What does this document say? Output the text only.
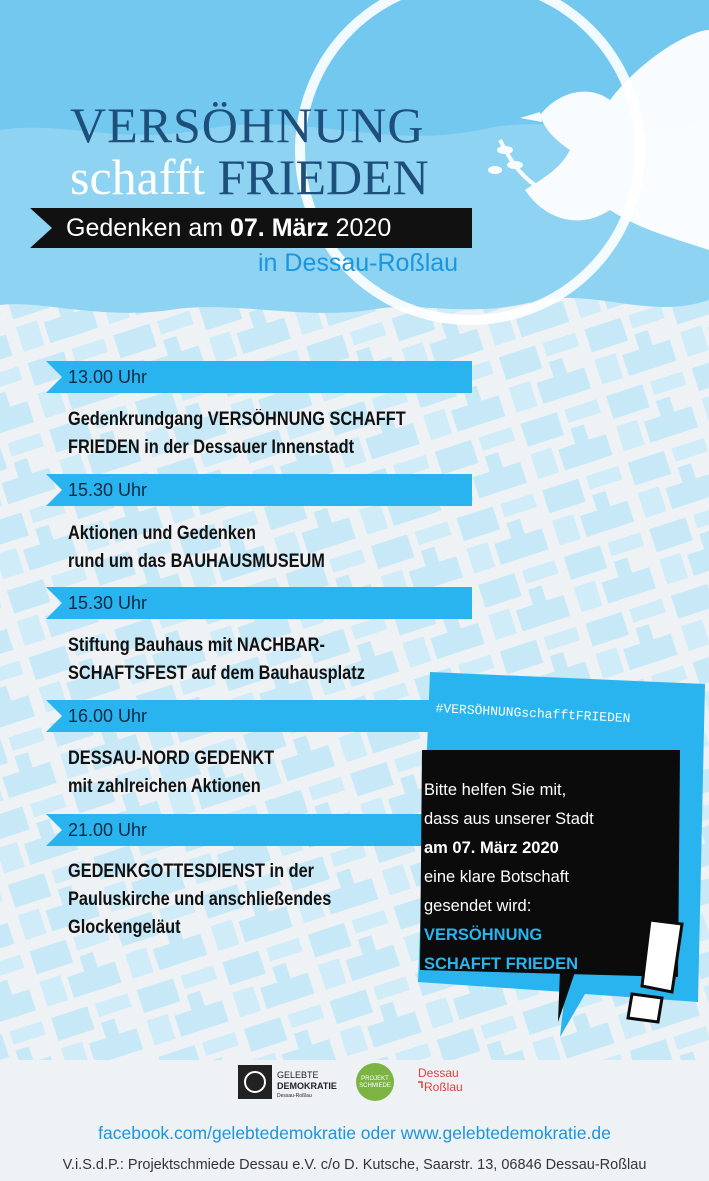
VERSÖHNUNG
schafft FRIEDEN
Gedenken am 07. März 2020
in Dessau-Roßlau
13.00 Uhr
Gedenkrundgang VERSÖHNUNG SCHAFFT
FRIEDEN in der Dessauer Innenstadt
15.30 Uhr
Aktionen und Gedenken
rund um das BAUHAUSMUSEUM
15.30 Uhr
Stiftung Bauhaus mit NACHBAR-
SCHAFTSFEST auf dem Bauhausplatz
16.00 Uhr
DESSAU-NORD GEDENKT
mit zahlreichen Aktionen
21.00 Uhr
GEDENKGOTTESDIENST in der
Pauluskirche und anschließendes
Glockengeläut
#VERSÖHNUNGschafftFRIEDEN
Bitte helfen Sie mit,
dass aus unserer Stadt
am 07. März 2020
eine klare Botschaft
gesendet wird:
VERSÖHNUNG
SCHAFFT FRIEDEN
GELEBTE
DEMOKRATIE
Dessau-Roßlau
PROJEKT
SCHMIEDE
Dessau
Roßlau
facebook.com/gelebtedemokratie oder www.gelebtedemokratie.de
V.i.S.d.P.: Projektschmiede Dessau e.V. c/o D. Kutsche, Saarstr. 13, 06846 Dessau-Roßlau
